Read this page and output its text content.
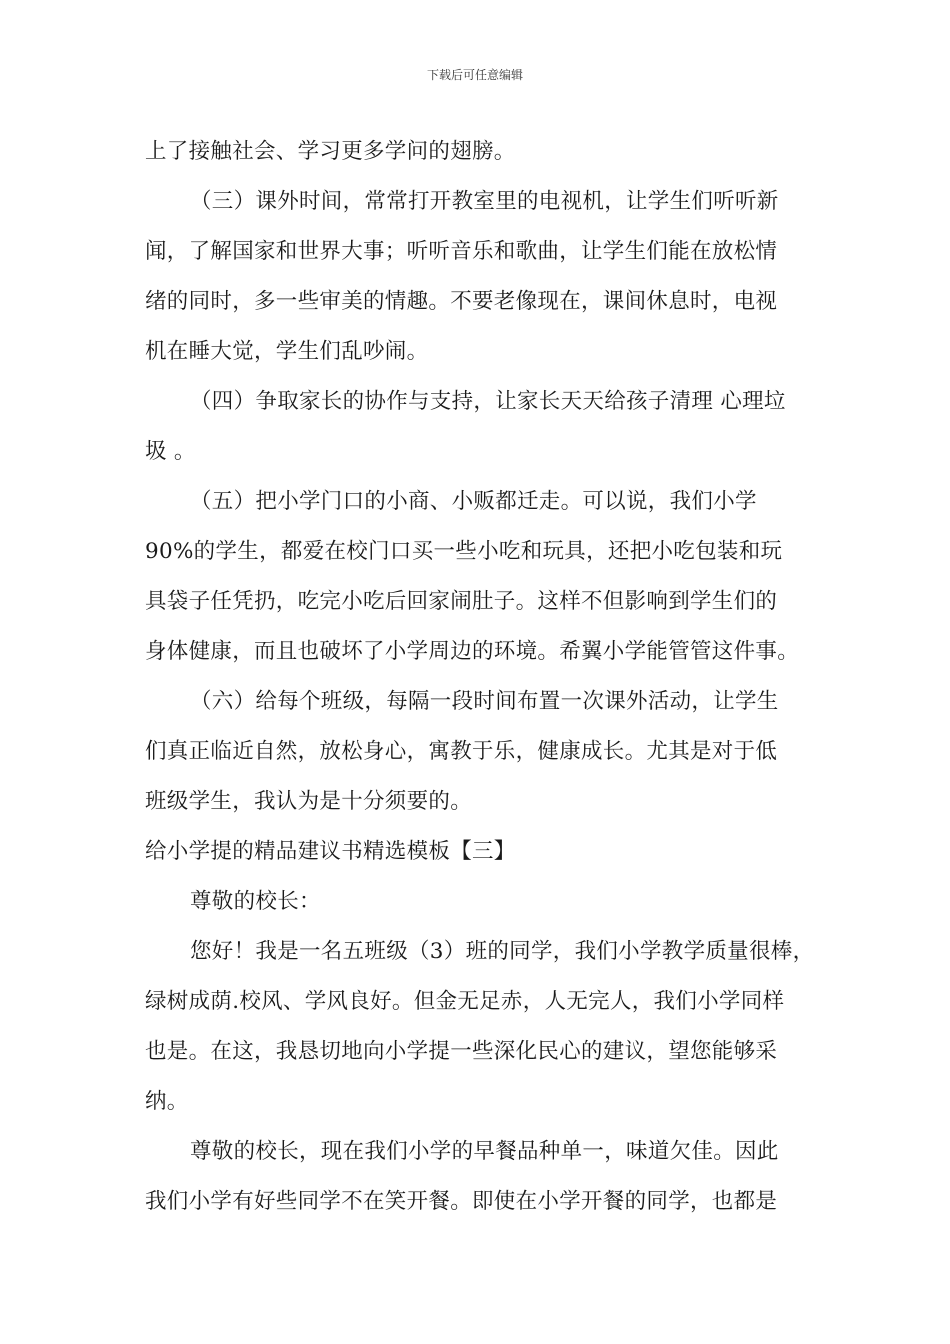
下载后可任意编辑
上了接触社会、学习更多学问的翅膀。
（三）课外时间，常常打开教室里的电视机，让学生们听听新
闻，了解国家和世界大事；听听音乐和歌曲，让学生们能在放松情
绪的同时，多一些审美的情趣。不要老像现在，课间休息时，电视
机在睡大觉，学生们乱吵闹。
（四）争取家长的协作与支持，让家长天天给孩子清理 心理垃
圾 。
（五）把小学门口的小商、小贩都迁走。可以说，我们小学
90%的学生，都爱在校门口买一些小吃和玩具，还把小吃包装和玩
具袋子任凭扔，吃完小吃后回家闹肚子。这样不但影响到学生们的
身体健康，而且也破坏了小学周边的环境。希翼小学能管管这件事。
（六）给每个班级，每隔一段时间布置一次课外活动，让学生
们真正临近自然，放松身心，寓教于乐，健康成长。尤其是对于低
班级学生，我认为是十分须要的。
给小学提的精品建议书精选模板【三】
尊敬的校长：
您好！我是一名五班级（3）班的同学，我们小学教学质量很棒，
绿树成荫.校风、学风良好。但金无足赤，人无完人，我们小学同样
也是。在这，我恳切地向小学提一些深化民心的建议，望您能够采
纳。
尊敬的校长，现在我们小学的早餐品种单一，味道欠佳。因此
我们小学有好些同学不在笑开餐。即使在小学开餐的同学，也都是
